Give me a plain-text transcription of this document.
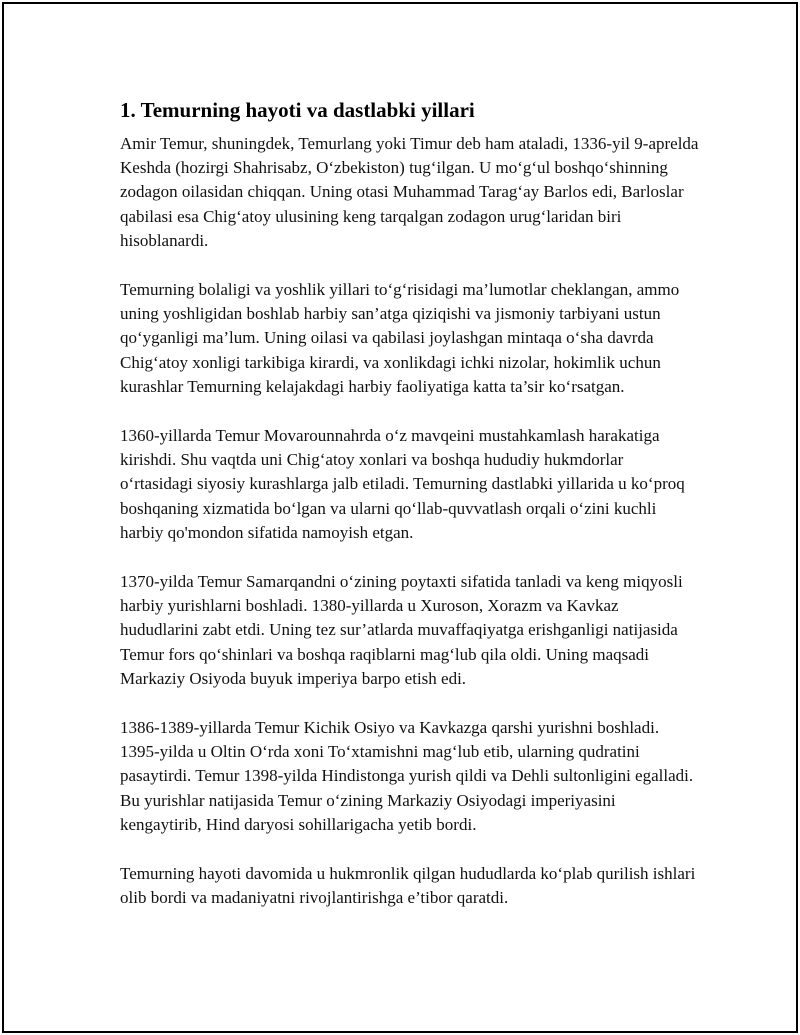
1. Temurning hayoti va dastlabki yillari

Amir Temur, shuningdek, Temurlang yoki Timur deb ham ataladi, 1336-yil 9-aprelda Keshda (hozirgi Shahrisabz, O‘zbekiston) tug‘ilgan. U mo‘g‘ul boshqo‘shinning zodagon oilasidan chiqqan. Uning otasi Muhammad Tarag‘ay Barlos edi, Barloslar qabilasi esa Chig‘atoy ulusining keng tarqalgan zodagon urug‘laridan biri hisoblanardi.

Temurning bolaligi va yoshlik yillari to‘g‘risidagi ma’lumotlar cheklangan, ammo uning yoshligidan boshlab harbiy san’atga qiziqishi va jismoniy tarbiyani ustun qo‘yganligi ma’lum. Uning oilasi va qabilasi joylashgan mintaqa o‘sha davrda Chig‘atoy xonligi tarkibiga kirardi, va xonlikdagi ichki nizolar, hokimlik uchun kurashlar Temurning kelajakdagi harbiy faoliyatiga katta ta’sir ko‘rsatgan.

1360-yillarda Temur Movarounnahrda o‘z mavqeini mustahkamlash harakatiga kirishdi. Shu vaqtda uni Chig‘atoy xonlari va boshqa hududiy hukmdorlar o‘rtasidagi siyosiy kurashlarga jalb etiladi. Temurning dastlabki yillarida u ko‘proq boshqaning xizmatida bo‘lgan va ularni qo‘llab-quvvatlash orqali o‘zini kuchli harbiy qo'mondon sifatida namoyish etgan.

1370-yilda Temur Samarqandni o‘zining poytaxti sifatida tanladi va keng miqyosli harbiy yurishlarni boshladi. 1380-yillarda u Xuroson, Xorazm va Kavkaz hududlarini zabt etdi. Uning tez sur’atlarda muvaffaqiyatga erishganligi natijasida Temur fors qo‘shinlari va boshqa raqiblarni mag‘lub qila oldi. Uning maqsadi Markaziy Osiyoda buyuk imperiya barpo etish edi.

1386-1389-yillarda Temur Kichik Osiyo va Kavkazga qarshi yurishni boshladi. 1395-yilda u Oltin O‘rda xoni To‘xtamishni mag‘lub etib, ularning qudratini pasaytirdi. Temur 1398-yilda Hindistonga yurish qildi va Dehli sultonligini egalladi. Bu yurishlar natijasida Temur o‘zining Markaziy Osiyodagi imperiyasini kengaytirib, Hind daryosi sohillarigacha yetib bordi.

Temurning hayoti davomida u hukmronlik qilgan hududlarda ko‘plab qurilish ishlari olib bordi va madaniyatni rivojlantirishga e’tibor qaratdi.
